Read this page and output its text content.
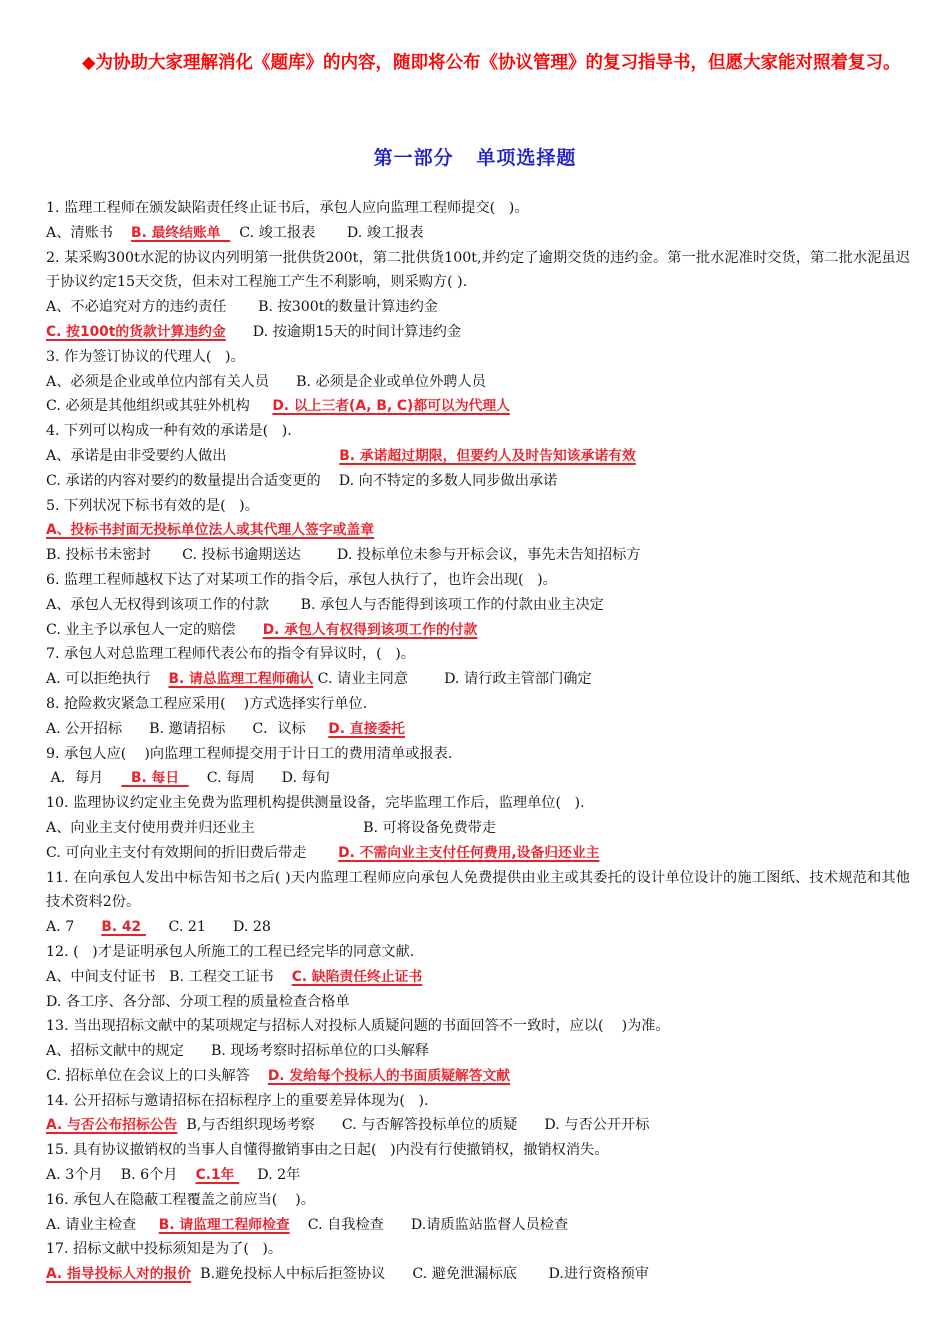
◆为协助大家理解消化《题库》的内容，随即将公布《协议管理》的复习指导书，但愿大家能对照着复习。
第一部分   单项选择题
1. 监理工程师在颁发缺陷责任终止证书后，承包人应向监理工程师提交(   )。
A、清账书    B. 最终结账单    C. 竣工报表       D. 竣工报表
2. 某采购300t水泥的协议内列明第一批供货200t，第二批供货100t,并约定了逾期交货的违约金。第一批水泥准时交货，第二批水泥虽迟于协议约定15天交货，但未对工程施工产生不利影响，则采购方( ).
A、不必追究对方的违约责任       B. 按300t的数量计算违约金
C. 按100t的货款计算违约金      D. 按逾期15天的时间计算违约金
3. 作为签订协议的代理人(   )。
A、必须是企业或单位内部有关人员      B. 必须是企业或单位外聘人员
C. 必须是其他组织或其驻外机构     D. 以上三者(A, B, C)都可以为代理人
4. 下列可以构成一种有效的承诺是(   ).
A、承诺是由非受要约人做出                         B. 承诺超过期限，但要约人及时告知该承诺有效
C. 承诺的内容对要约的数量提出合适变更的    D. 向不特定的多数人同步做出承诺
5. 下列状况下标书有效的是(   )。
A、投标书封面无投标单位法人或其代理人签字或盖章
B. 投标书未密封       C. 投标书逾期送达        D. 投标单位未参与开标会议，事先未告知招标方
6. 监理工程师越权下达了对某项工作的指令后，承包人执行了，也许会出现(   )。
A、承包人无权得到该项工作的付款       B. 承包人与否能得到该项工作的付款由业主决定
C. 业主予以承包人一定的赔偿      D. 承包人有权得到该项工作的付款
7. 承包人对总监理工程师代表公布的指令有异议时，(   )。
A. 可以拒绝执行    B. 请总监理工程师确认 C. 请业主同意        D. 请行政主管部门确定
8. 抢险救灾紧急工程应采用(    )方式选择实行单位.
A. 公开招标      B. 邀请招标      C．议标     D. 直接委托
9. 承包人应(    )向监理工程师提交用于计日工的费用清单或报表.
A．每月      B. 每日      C. 每周      D. 每旬
10. 监理协议约定业主免费为监理机构提供测量设备，完毕监理工作后，监理单位(   ).
A、向业主支付使用费并归还业主                        B. 可将设备免费带走
C. 可向业主支付有效期间的折旧费后带走       D. 不需向业主支付任何费用,设备归还业主
11. 在向承包人发出中标告知书之后( )天内监理工程师应向承包人免费提供由业主或其委托的设计单位设计的施工图纸、技术规范和其他技术资料2份。
A. 7      B. 42      C. 21      D. 28
12. (   )才是证明承包人所施工的工程已经完毕的同意文献.
A、中间支付证书   B. 工程交工证书    C. 缺陷责任终止证书
D. 各工序、各分部、分项工程的质量检查合格单
13. 当出现招标文献中的某项规定与招标人对投标人质疑问题的书面回答不一致时，应以(    )为准。
A、招标文献中的规定      B. 现场考察时招标单位的口头解释
C. 招标单位在会议上的口头解答    D. 发给每个投标人的书面质疑解答文献
14. 公开招标与邀请招标在招标程序上的重要差异体现为(   ).
A. 与否公布招标公告  B,与否组织现场考察      C. 与否解答投标单位的质疑      D. 与否公开开标
15. 具有协议撤销权的当事人自懂得撤销事由之日起(   )内没有行使撤销权，撤销权消失。
A. 3个月    B. 6个月    C.1年     D. 2年
16. 承包人在隐蔽工程覆盖之前应当(    )。
A. 请业主检查     B. 请监理工程师检查    C. 自我检查      D.请质监站监督人员检查
17. 招标文献中投标须知是为了(   )。
A. 指导投标人对的报价  B.避免投标人中标后拒签协议      C. 避免泄漏标底       D.进行资格预审
